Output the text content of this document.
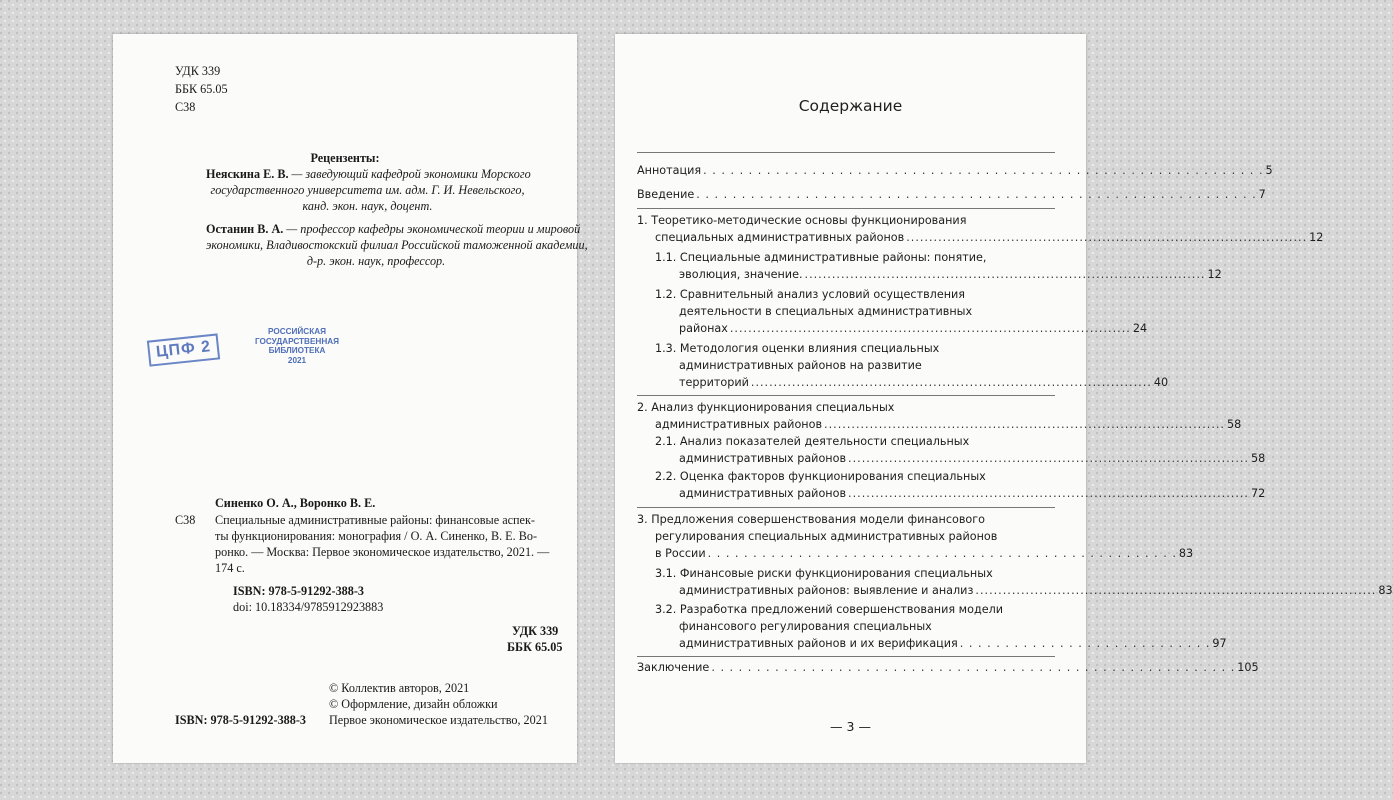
УДК 339
ББК 65.05
С38
Рецензенты:
Неяскина Е. В. — заведующий кафедрой экономики Морского
государственного университета им. адм. Г. И. Невельского,
канд. экон. наук, доцент.
Останин В. А. — профессор кафедры экономической теории и мировой
экономики, Владивостокский филиал Российской таможенной академии,
д-р. экон. наук, профессор.
ЦПФ 2
РОССИЙСКАЯ
ГОСУДАРСТВЕННАЯ
БИБЛИОТЕКА
2021
Синенко О. А., Воронко В. Е.
С38 Специальные административные районы: финансовые аспек-
ты функционирования: монография / О. А. Синенко, В. Е. Во-
ронко. — Москва: Первое экономическое издательство, 2021. —
174 с.
ISBN: 978-5-91292-388-3
doi: 10.18334/9785912923883
УДК 339
ББК 65.05
© Коллектив авторов, 2021
© Оформление, дизайн обложки
Первое экономическое издательство, 2021
ISBN: 978-5-91292-388-3
Содержание
Аннотация . . . . . . . . . . . . . . . . . . . . . . . . . . . . . . . . . . . . . . . . . . . . . . . . . . . . . . . . . . . . . . 5
Введение . . . . . . . . . . . . . . . . . . . . . . . . . . . . . . . . . . . . . . . . . . . . . . . . . . . . . . . . . . . . . . 7
1. Теоретико-методические основы функционирования
специальных административных районов ........................................................................................ 12
1.1. Специальные административные районы: понятие,
эволюция, значение. ........................................................................................ 12
1.2. Сравнительный анализ условий осуществления
деятельности в специальных административных
районах ........................................................................................ 24
1.3. Методология оценки влияния специальных
административных районов на развитие
территорий ........................................................................................ 40
2. Анализ функционирования специальных
административных районов ........................................................................................ 58
2.1. Анализ показателей деятельности специальных
административных районов ........................................................................................ 58
2.2. Оценка факторов функционирования специальных
административных районов ........................................................................................ 72
3. Предложения совершенствования модели финансового
регулирования специальных административных районов
в России . . . . . . . . . . . . . . . . . . . . . . . . . . . . . . . . . . . . . . . . . . . . . . . . . . . . 83
3.1. Финансовые риски функционирования специальных
административных районов: выявление и анализ ........................................................................................ 83
3.2. Разработка предложений совершенствования модели
финансового регулирования специальных
административных районов и их верификация . . . . . . . . . . . . . . . . . . . . . . . . . . . . 97
Заключение . . . . . . . . . . . . . . . . . . . . . . . . . . . . . . . . . . . . . . . . . . . . . . . . . . . . . . . . . . 105
— 3 —
